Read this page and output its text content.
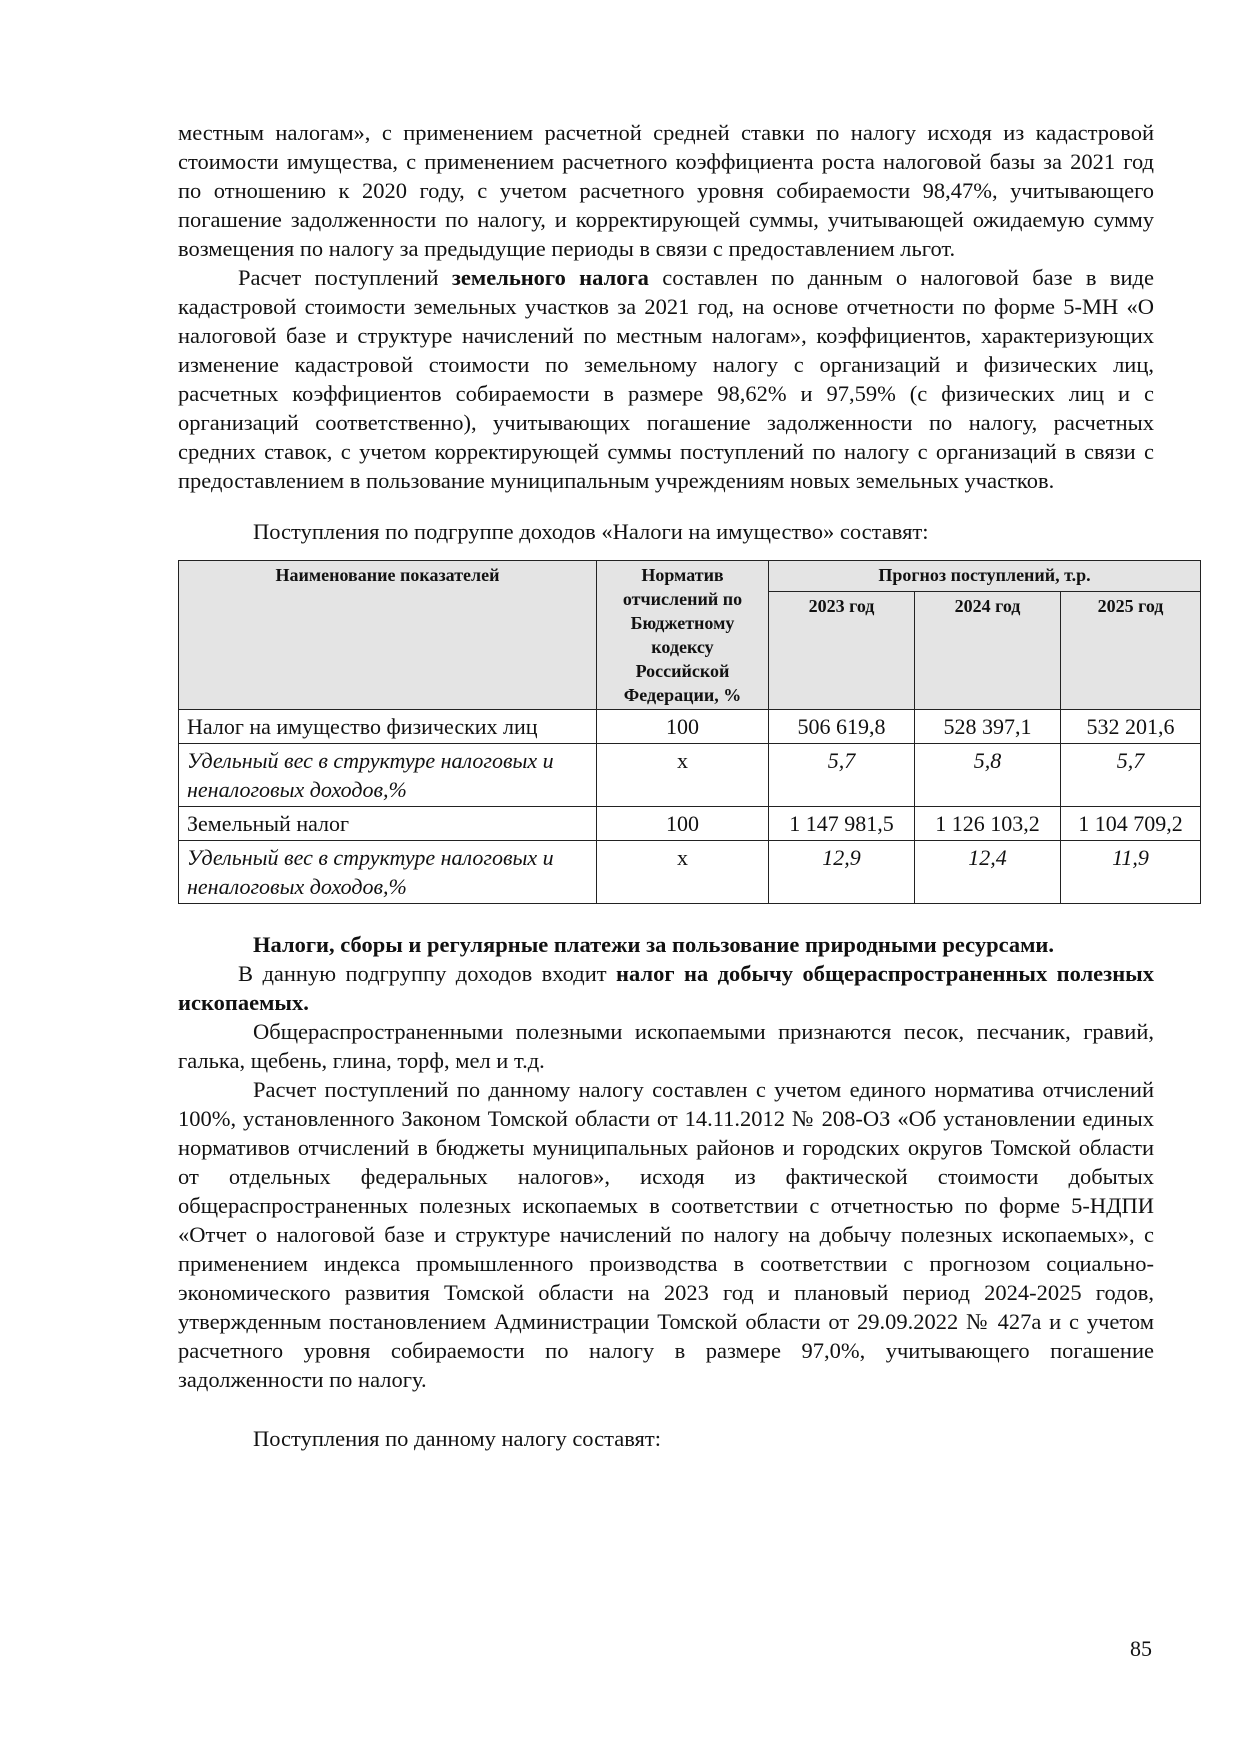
местным налогам», с применением расчетной средней ставки по налогу исходя из кадастровой стоимости имущества, с применением расчетного коэффициента роста налоговой базы за 2021 год по отношению к 2020 году, с учетом расчетного уровня собираемости 98,47%, учитывающего погашение задолженности по налогу, и корректирующей суммы, учитывающей ожидаемую сумму возмещения по налогу за предыдущие периоды в связи с предоставлением льгот.

Расчет поступлений земельного налога составлен по данным о налоговой базе в виде кадастровой стоимости земельных участков за 2021 год, на основе отчетности по форме 5-МН «О налоговой базе и структуре начислений по местным налогам», коэффициентов, характеризующих изменение кадастровой стоимости по земельному налогу с организаций и физических лиц, расчетных коэффициентов собираемости в размере 98,62% и 97,59% (с физических лиц и с организаций соответственно), учитывающих погашение задолженности по налогу, расчетных средних ставок, с учетом корректирующей суммы поступлений по налогу с организаций в связи с предоставлением в пользование муниципальным учреждениям новых земельных участков.

Поступления по подгруппе доходов «Налоги на имущество» составят:

Наименование показателей	Норматив отчислений по Бюджетному кодексу Российской Федерации, %	Прогноз поступлений, т.р.		
		2023 год	2024 год	2025 год
Налог на имущество физических лиц	100	506 619,8	528 397,1	532 201,6
Удельный вес в структуре налоговых и неналоговых доходов,%	х	5,7	5,8	5,7
Земельный налог	100	1 147 981,5	1 126 103,2	1 104 709,2
Удельный вес в структуре налоговых и неналоговых доходов,%	х	12,9	12,4	11,9

Налоги, сборы и регулярные платежи за пользование природными ресурсами.

В данную подгруппу доходов входит налог на добычу общераспространенных полезных ископаемых.

Общераспространенными полезными ископаемыми признаются песок, песчаник, гравий, галька, щебень, глина, торф, мел и т.д.

Расчет поступлений по данному налогу составлен с учетом единого норматива отчислений 100%, установленного Законом Томской области от 14.11.2012 № 208-ОЗ «Об установлении единых нормативов отчислений в бюджеты муниципальных районов и городских округов Томской области от отдельных федеральных налогов», исходя из фактической стоимости добытых общераспространенных полезных ископаемых в соответствии с отчетностью по форме 5-НДПИ «Отчет о налоговой базе и структуре начислений по налогу на добычу полезных ископаемых», с применением индекса промышленного производства в соответствии с прогнозом социально-экономического развития Томской области на 2023 год и плановый период 2024-2025 годов, утвержденным постановлением Администрации Томской области от 29.09.2022 № 427а и с учетом расчетного уровня собираемости по налогу в размере 97,0%, учитывающего погашение задолженности по налогу.

Поступления по данному налогу составят:

85
